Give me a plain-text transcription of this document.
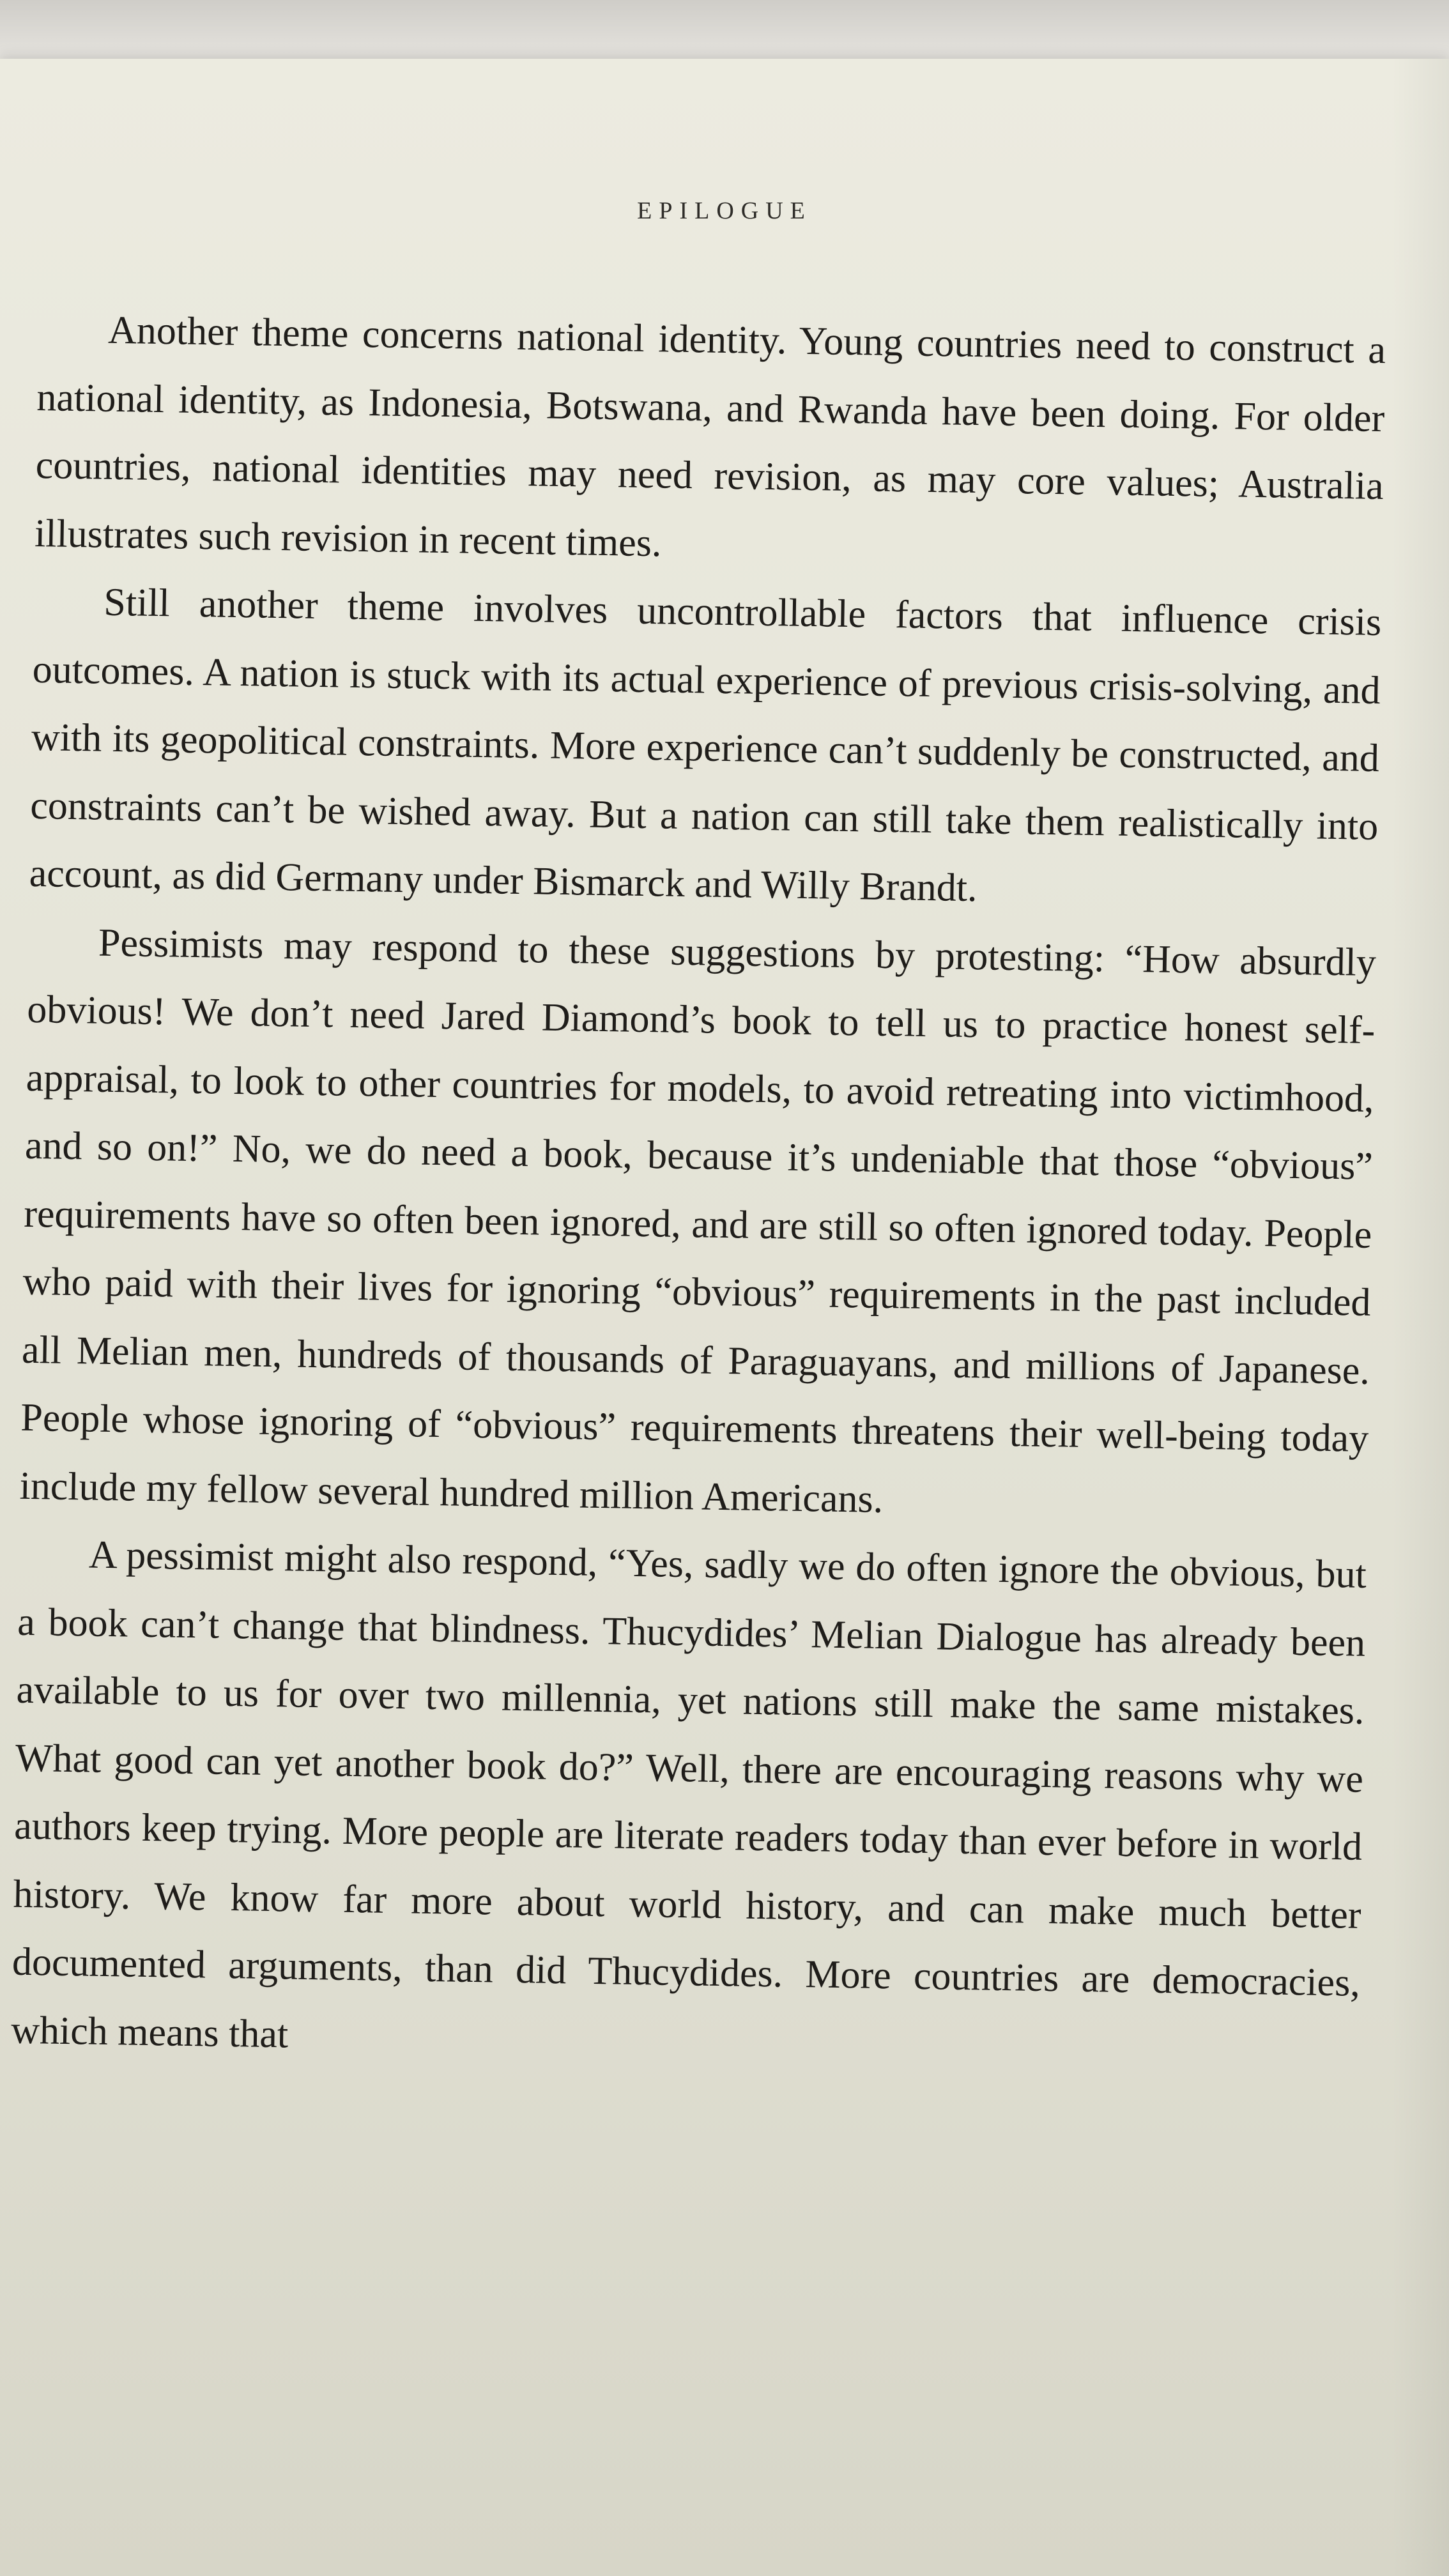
EPILOGUE

Another theme concerns national identity. Young countries need to construct a national identity, as Indonesia, Botswana, and Rwanda have been doing. For older countries, national identities may need revision, as may core values; Australia illustrates such revision in recent times.

Still another theme involves uncontrollable factors that influence crisis outcomes. A nation is stuck with its actual experience of previous crisis-solving, and with its geopolitical constraints. More experience can’t suddenly be constructed, and constraints can’t be wished away. But a nation can still take them realistically into account, as did Germany under Bismarck and Willy Brandt.

Pessimists may respond to these suggestions by protesting: “How absurdly obvious! We don’t need Jared Diamond’s book to tell us to practice honest self-appraisal, to look to other countries for models, to avoid retreating into victimhood, and so on!” No, we do need a book, because it’s undeniable that those “obvious” requirements have so often been ignored, and are still so often ignored today. People who paid with their lives for ignoring “obvious” requirements in the past included all Melian men, hundreds of thousands of Paraguayans, and millions of Japanese. People whose ignoring of “obvious” requirements threatens their well-being today include my fellow several hundred million Americans.

A pessimist might also respond, “Yes, sadly we do often ignore the obvious, but a book can’t change that blindness. Thucydides’ Melian Dialogue has already been available to us for over two millennia, yet nations still make the same mistakes. What good can yet another book do?” Well, there are encouraging reasons why we authors keep trying. More people are literate readers today than ever before in world history. We know far more about world history, and can make much better documented arguments, than did Thucydides. More countries are democracies, which means that
